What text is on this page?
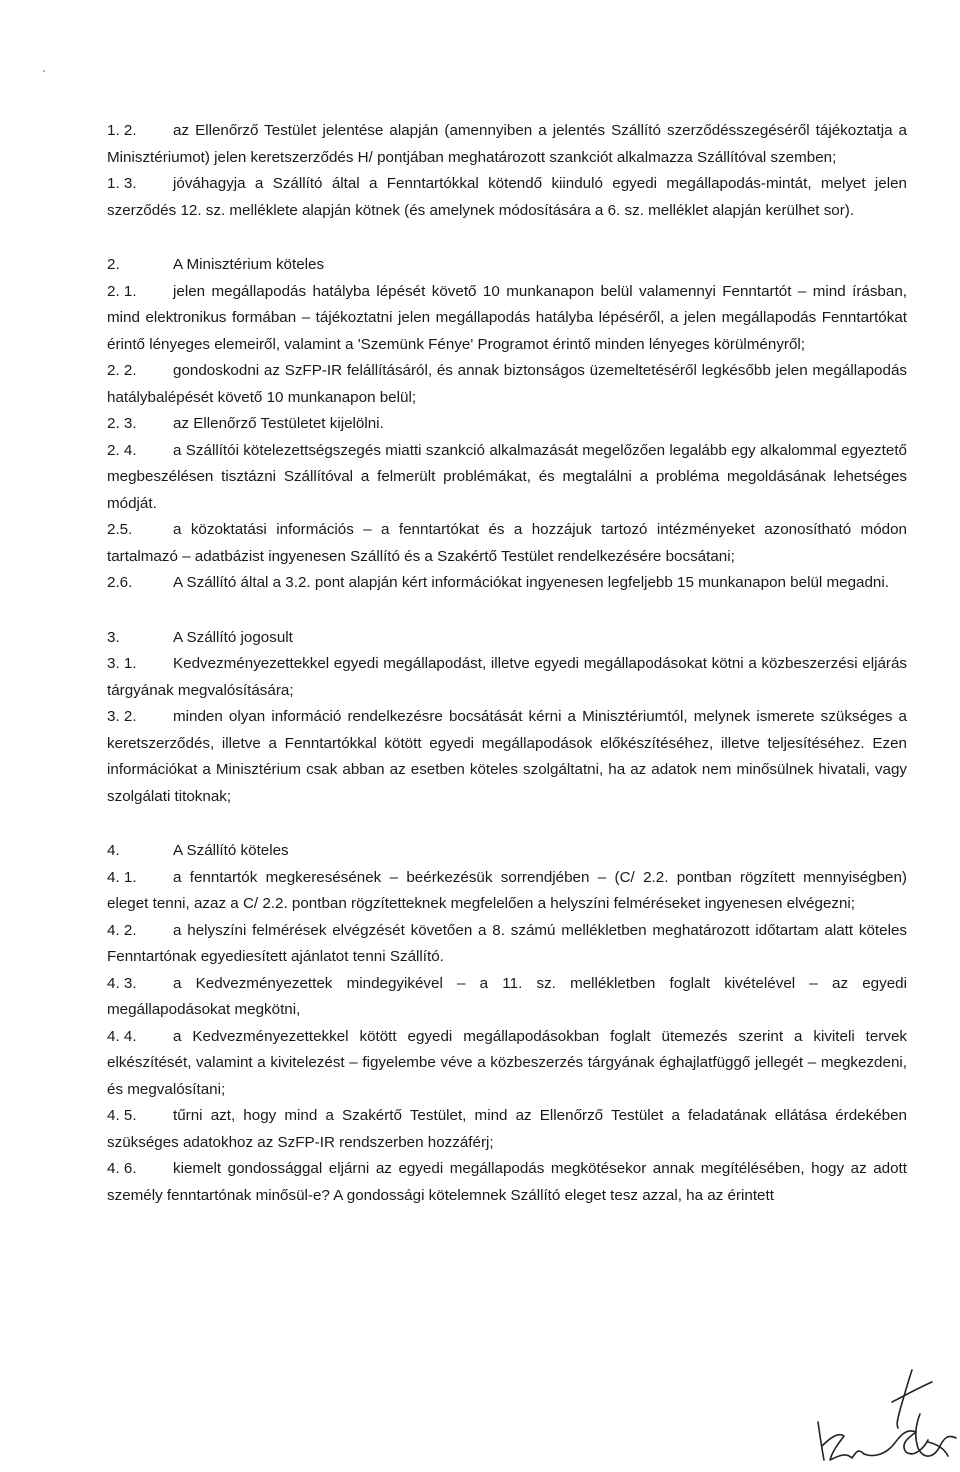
1. 2. az Ellenőrző Testület jelentése alapján (amennyiben a jelentés Szállító szerződésszegéséről tájékoztatja a Minisztériumot) jelen keretszerződés H/ pontjában meghatározott szankciót alkalmazza Szállítóval szemben;

1. 3. jóváhagyja a Szállító által a Fenntartókkal kötendő kiinduló egyedi megállapodás-mintát, melyet jelen szerződés 12. sz. melléklete alapján kötnek (és amelynek módosítására a 6. sz. melléklet alapján kerülhet sor).

2.	A Minisztérium köteles

2. 1. jelen megállapodás hatályba lépését követő 10 munkanapon belül valamennyi Fenntartót – mind írásban, mind elektronikus formában – tájékoztatni jelen megállapodás hatályba lépéséről, a jelen megállapodás Fenntartókat érintő lényeges elemeiről, valamint a 'Szemünk Fénye' Programot érintő minden lényeges körülményről;

2. 2. gondoskodni az SzFP-IR felállításáról, és annak biztonságos üzemeltetéséről legkésőbb jelen megállapodás hatálybalépését követő 10 munkanapon belül;

2. 3. az Ellenőrző Testületet kijelölni.

2. 4. a Szállítói kötelezettségszegés miatti szankció alkalmazását megelőzően legalább egy alkalommal egyeztető megbeszélésen tisztázni Szállítóval a felmerült problémákat, és megtalálni a probléma megoldásának lehetséges módját.

2.5.	a közoktatási információs – a fenntartókat és a hozzájuk tartozó intézményeket azonosítható módon tartalmazó – adatbázist ingyenesen Szállító és a Szakértő Testület rendelkezésére bocsátani;

2.6.	A Szállító által a 3.2. pont alapján kért információkat ingyenesen legfeljebb 15 munkanapon belül megadni.

3.	A Szállító jogosult

3. 1. Kedvezményezettekkel egyedi megállapodást, illetve egyedi megállapodásokat kötni a közbeszerzési eljárás tárgyának megvalósítására;

3. 2. minden olyan információ rendelkezésre bocsátását kérni a Minisztériumtól, melynek ismerete szükséges a keretszerződés, illetve a Fenntartókkal kötött egyedi megállapodások előkészítéséhez, illetve teljesítéséhez. Ezen információkat a Minisztérium csak abban az esetben köteles szolgáltatni, ha az adatok nem minősülnek hivatali, vagy szolgálati titoknak;

4.	A Szállító köteles

4. 1. a fenntartók megkeresésének – beérkezésük sorrendjében – (C/ 2.2. pontban rögzített mennyiségben) eleget tenni, azaz a C/ 2.2. pontban rögzítetteknek megfelelően a helyszíni felméréseket ingyenesen elvégezni;

4. 2. a helyszíni felmérések elvégzését követően a 8. számú mellékletben meghatározott időtartam alatt köteles Fenntartónak egyediesített ajánlatot tenni Szállító.

4. 3. a Kedvezményezettek mindegyikével – a 11. sz. mellékletben foglalt kivételével – az egyedi megállapodásokat megkötni,

4. 4. a Kedvezményezettekkel kötött egyedi megállapodásokban foglalt ütemezés szerint a kiviteli tervek elkészítését, valamint a kivitelezést – figyelembe véve a közbeszerzés tárgyának éghajlatfüggő jellegét – megkezdeni, és megvalósítani;

4. 5. tűrni azt, hogy mind a Szakértő Testület, mind az Ellenőrző Testület a feladatának ellátása érdekében szükséges adatokhoz az SzFP-IR rendszerben hozzáférj;

4. 6. kiemelt gondossággal eljárni az egyedi megállapodás megkötésekor annak megítélésében, hogy az adott személy fenntartónak minősül-e? A gondossági kötelemnek Szállító eleget tesz azzal, ha az érintett
